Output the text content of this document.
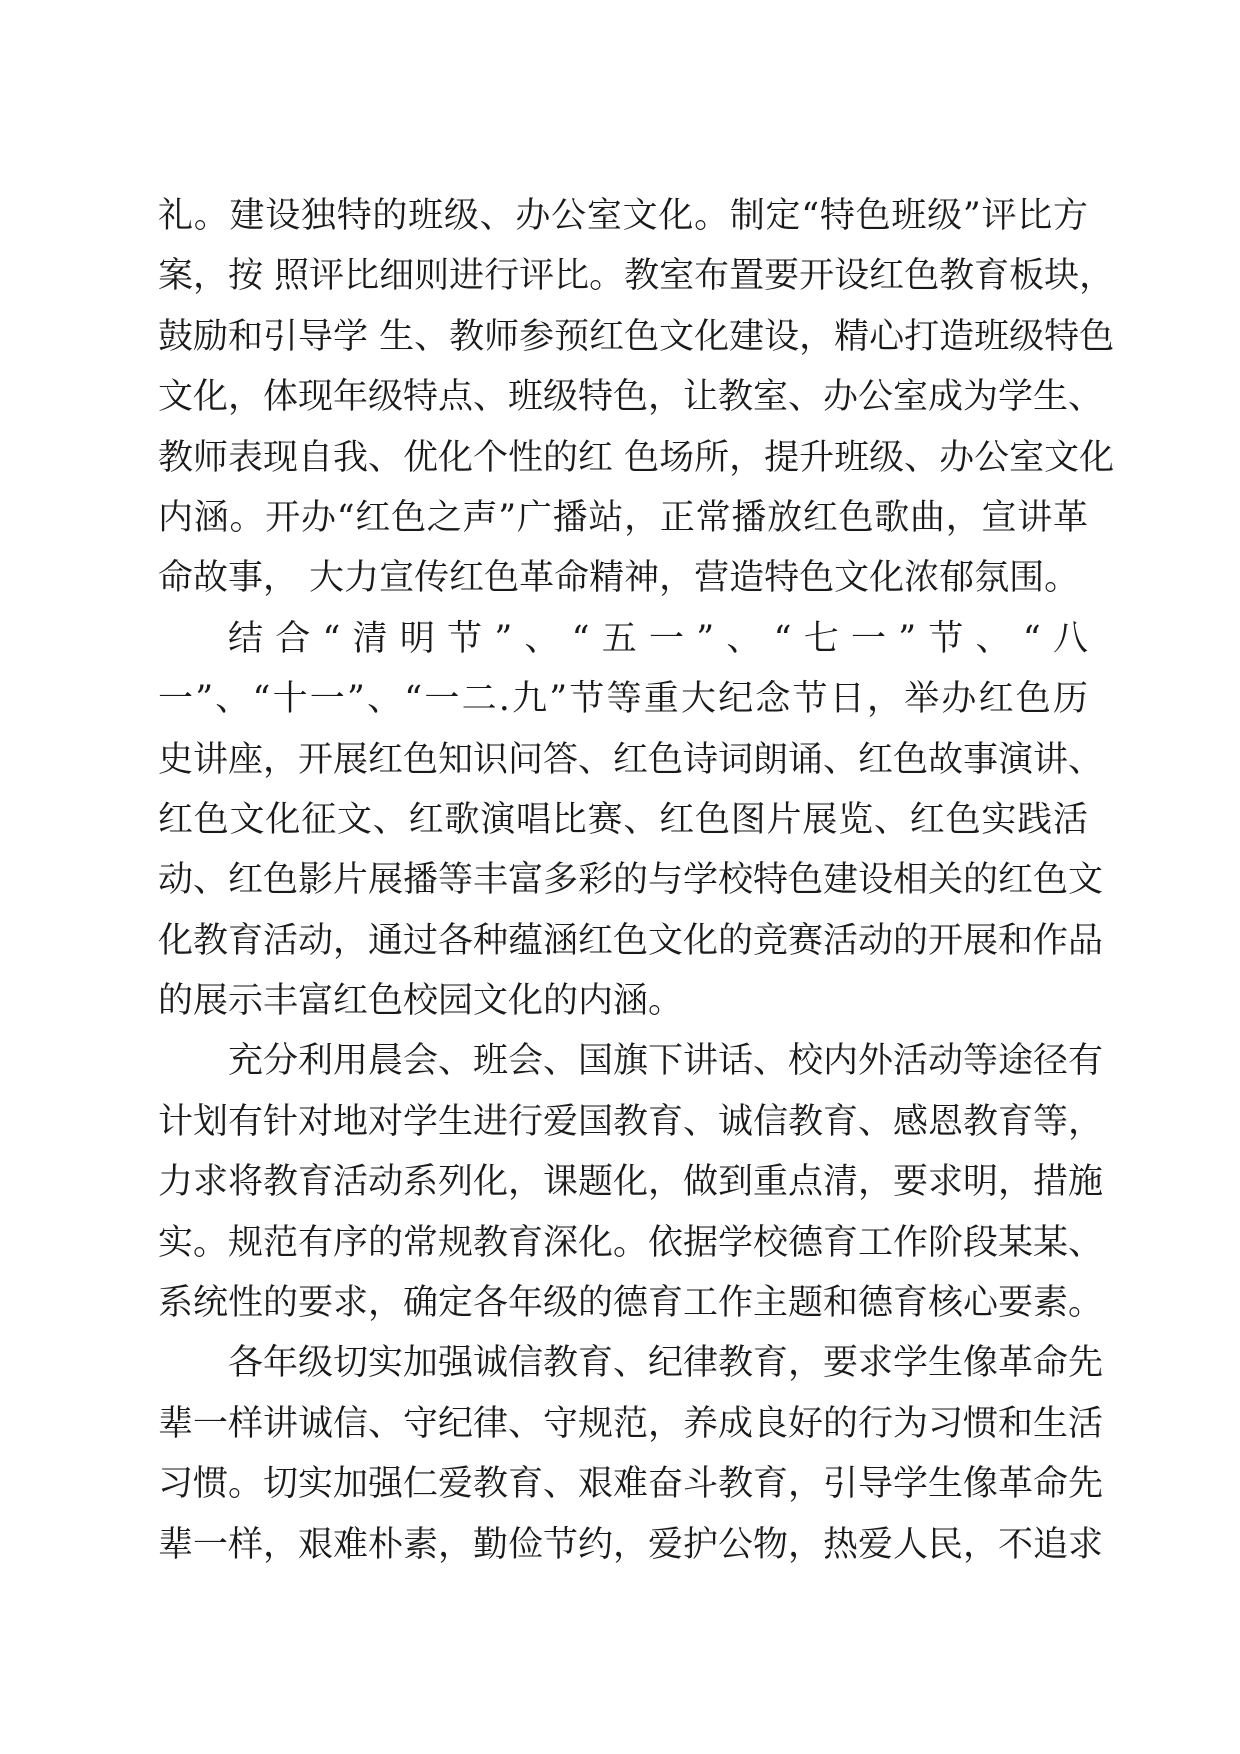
礼。建设独特的班级、办公室文化。制定“特色班级”评比方
案，按 照评比细则进行评比。教室布置要开设红色教育板块，
鼓励和引导学 生、教师参预红色文化建设，精心打造班级特色
文化，体现年级特点、班级特色，让教室、办公室成为学生、
教师表现自我、优化个性的红 色场所，提升班级、办公室文化
内涵。开办“红色之声”广播站，正常播放红色歌曲，宣讲革
命故事， 大力宣传红色革命精神，营造特色文化浓郁氛围。
结合“清明节”、“五一”、“七一”节、“八
一”、“十一”、“一二.九”节等重大纪念节日，举办红色历
史讲座，开展红色知识问答、红色诗词朗诵、红色故事演讲、
红色文化征文、红歌演唱比赛、红色图片展览、红色实践活
动、红色影片展播等丰富多彩的与学校特色建设相关的红色文
化教育活动，通过各种蕴涵红色文化的竞赛活动的开展和作品
的展示丰富红色校园文化的内涵。
充分利用晨会、班会、国旗下讲话、校内外活动等途径有
计划有针对地对学生进行爱国教育、诚信教育、感恩教育等，
力求将教育活动系列化，课题化，做到重点清，要求明，措施
实。规范有序的常规教育深化。依据学校德育工作阶段某某、
系统性的要求，确定各年级的德育工作主题和德育核心要素。
各年级切实加强诚信教育、纪律教育，要求学生像革命先
辈一样讲诚信、守纪律、守规范，养成良好的行为习惯和生活
习惯。切实加强仁爱教育、艰难奋斗教育，引导学生像革命先
辈一样，艰难朴素，勤俭节约，爱护公物，热爱人民，不追求
